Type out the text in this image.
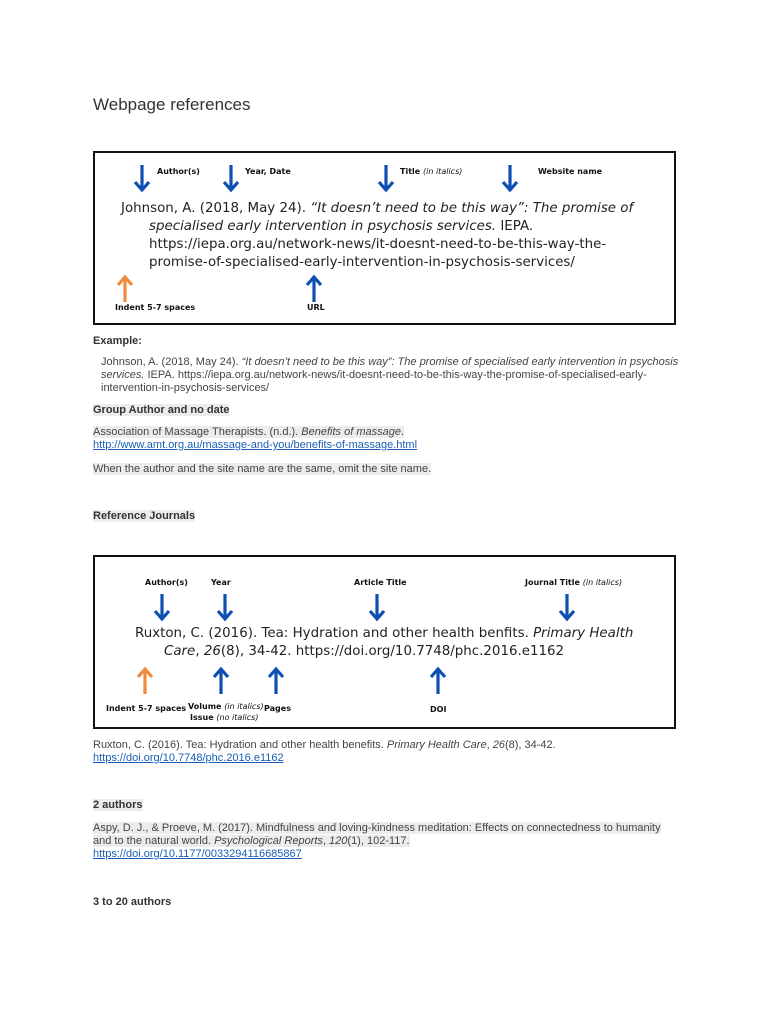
Webpage references
Author(s)	Year, Date	Title (in italics)	Website name
Johnson, A. (2018, May 24). “It doesn’t need to be this way”: The promise of
specialised early intervention in psychosis services. IEPA.
https://iepa.org.au/network-news/it-doesnt-need-to-be-this-way-the-
promise-of-specialised-early-intervention-in-psychosis-services/
Indent 5-7 spaces	URL
Example:
Johnson, A. (2018, May 24). “It doesn’t need to be this way”: The promise of specialised early intervention in psychosis services. IEPA. https://iepa.org.au/network-news/it-doesnt-need-to-be-this-way-the-promise-of-specialised-early-intervention-in-psychosis-services/
Group Author and no date
Association of Massage Therapists. (n.d.). Benefits of massage.
http://www.amt.org.au/massage-and-you/benefits-of-massage.html
When the author and the site name are the same, omit the site name.
Reference Journals
Author(s)	Year	Article Title	Journal Title (in italics)
Ruxton, C. (2016). Tea: Hydration and other health benfits. Primary Health
Care, 26(8), 34-42. https://doi.org/10.7748/phc.2016.e1162
Indent 5-7 spaces Volume (in italics)
Issue (no italics)
Pages	DOI
Ruxton, C. (2016). Tea: Hydration and other health benefits. Primary Health Care, 26(8), 34-42.
https://doi.org/10.7748/phc.2016.e1162
2 authors
Aspy, D. J., & Proeve, M. (2017). Mindfulness and loving-kindness meditation: Effects on connectedness to humanity and to the natural world. Psychological Reports, 120(1), 102-117.
https://doi.org/10.1177/0033294116685867
3 to 20 authors
